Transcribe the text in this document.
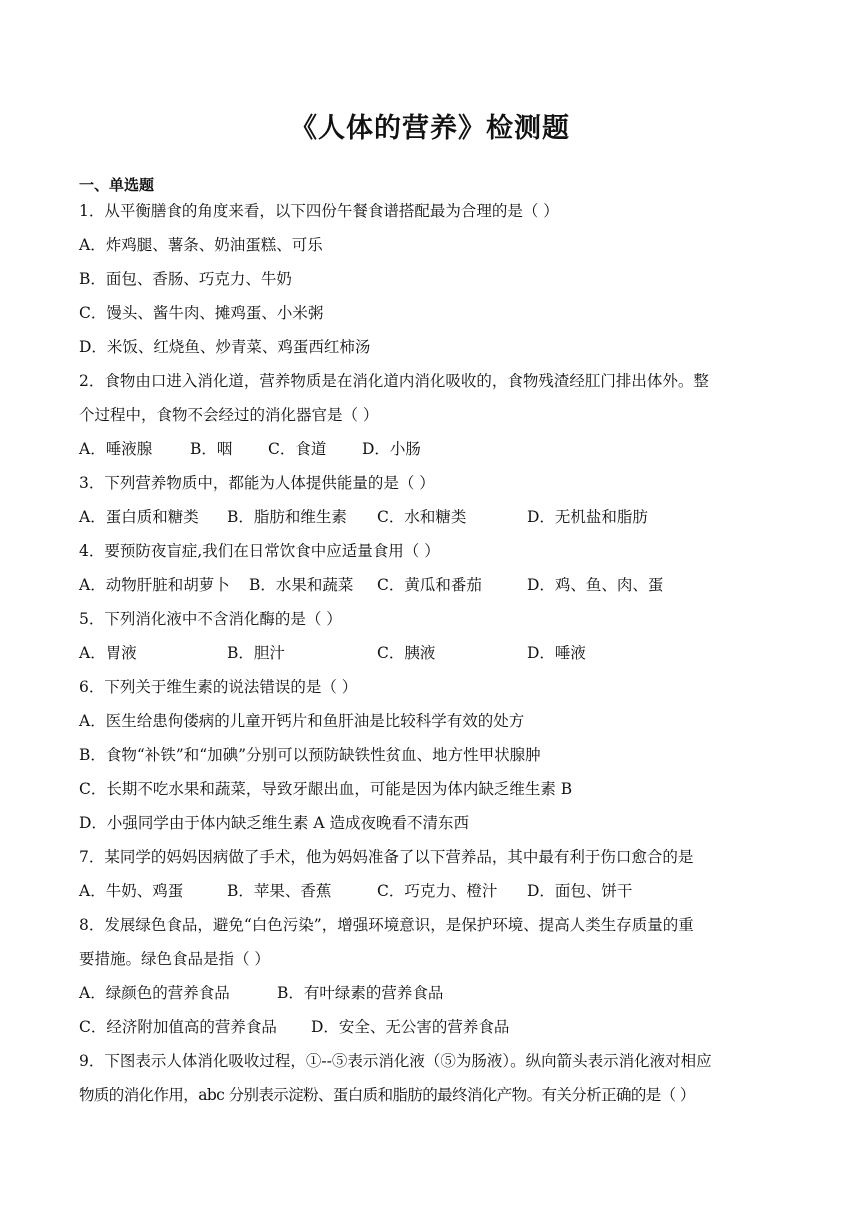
《人体的营养》检测题
一、单选题
1．从平衡膳食的角度来看，以下四份午餐食谱搭配最为合理的是（ ）
A．炸鸡腿、薯条、奶油蛋糕、可乐
B．面包、香肠、巧克力、牛奶
C．馒头、酱牛肉、摊鸡蛋、小米粥
D．米饭、红烧鱼、炒青菜、鸡蛋西红柿汤
2．食物由口进入消化道，营养物质是在消化道内消化吸收的，食物残渣经肛门排出体外。整
个过程中，食物不会经过的消化器官是（ ）
A．唾液腺 B．咽 C．食道 D．小肠
3．下列营养物质中，都能为人体提供能量的是（ ）
A．蛋白质和糖类 B．脂肪和维生素 C．水和糖类	D．无机盐和脂肪
4．要预防夜盲症,我们在日常饮食中应适量食用（ ）
A．动物肝脏和胡萝卜 B．水果和蔬菜 C．黄瓜和番茄	D．鸡、鱼、肉、蛋
5．下列消化液中不含消化酶的是（ ）
A．胃液	B．胆汁	C．胰液	D．唾液
6．下列关于维生素的说法错误的是（ ）
A．医生给患佝偻病的儿童开钙片和鱼肝油是比较科学有效的处方
B．食物“补铁”和“加碘”分别可以预防缺铁性贫血、地方性甲状腺肿
C．长期不吃水果和蔬菜，导致牙龈出血，可能是因为体内缺乏维生素 B
D．小强同学由于体内缺乏维生素 A 造成夜晚看不清东西
7．某同学的妈妈因病做了手术，他为妈妈准备了以下营养品，其中最有利于伤口愈合的是
A．牛奶、鸡蛋	B．苹果、香蕉	C．巧克力、橙汁 D．面包、饼干
8．发展绿色食品，避免“白色污染”，增强环境意识，是保护环境、提高人类生存质量的重
要措施。绿色食品是指（ ）
A．绿颜色的营养食品	B．有叶绿素的营养食品
C．经济附加值高的营养食品 D．安全、无公害的营养食品
9．下图表示人体消化吸收过程，①--⑤表示消化液（⑤为肠液）。纵向箭头表示消化液对相应
物质的消化作用，abc 分别表示淀粉、蛋白质和脂肪的最终消化产物。有关分析正确的是（ ）
